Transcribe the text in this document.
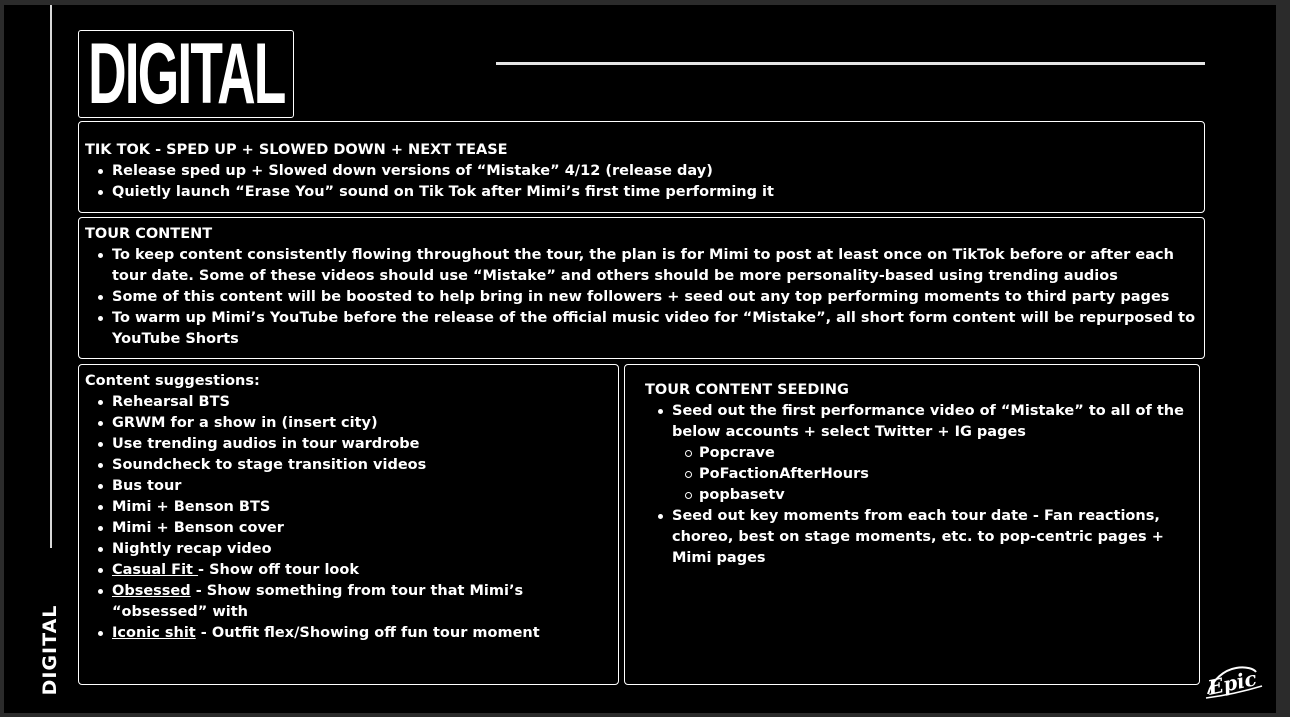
DIGITAL
DIGITAL
TIK TOK - SPED UP + SLOWED DOWN + NEXT TEASE
Release sped up + Slowed down versions of “Mistake” 4/12 (release day)
Quietly launch “Erase You” sound on Tik Tok after Mimi’s first time performing it
TOUR CONTENT
To keep content consistently flowing throughout the tour, the plan is for Mimi to post at least once on TikTok before or after each tour date. Some of these videos should use “Mistake” and others should be more personality-based using trending audios
Some of this content will be boosted to help bring in new followers + seed out any top performing moments to third party pages
To warm up Mimi’s YouTube before the release of the official music video for “Mistake”, all short form content will be repurposed to YouTube Shorts
Content suggestions:
Rehearsal BTS
GRWM for a show in (insert city)
Use trending audios in tour wardrobe
Soundcheck to stage transition videos
Bus tour
Mimi + Benson BTS
Mimi + Benson cover
Nightly recap video
Casual Fit - Show off tour look
Obsessed - Show something from tour that Mimi’s “obsessed” with
Iconic shit - Outfit flex/Showing off fun tour moment
TOUR CONTENT SEEDING
Seed out the first performance video of “Mistake” to all of the below accounts + select Twitter + IG pages
Popcrave
PoFactionAfterHours
popbasetv
Seed out key moments from each tour date - Fan reactions, choreo, best on stage moments, etc. to pop-centric pages + Mimi pages
Epic
